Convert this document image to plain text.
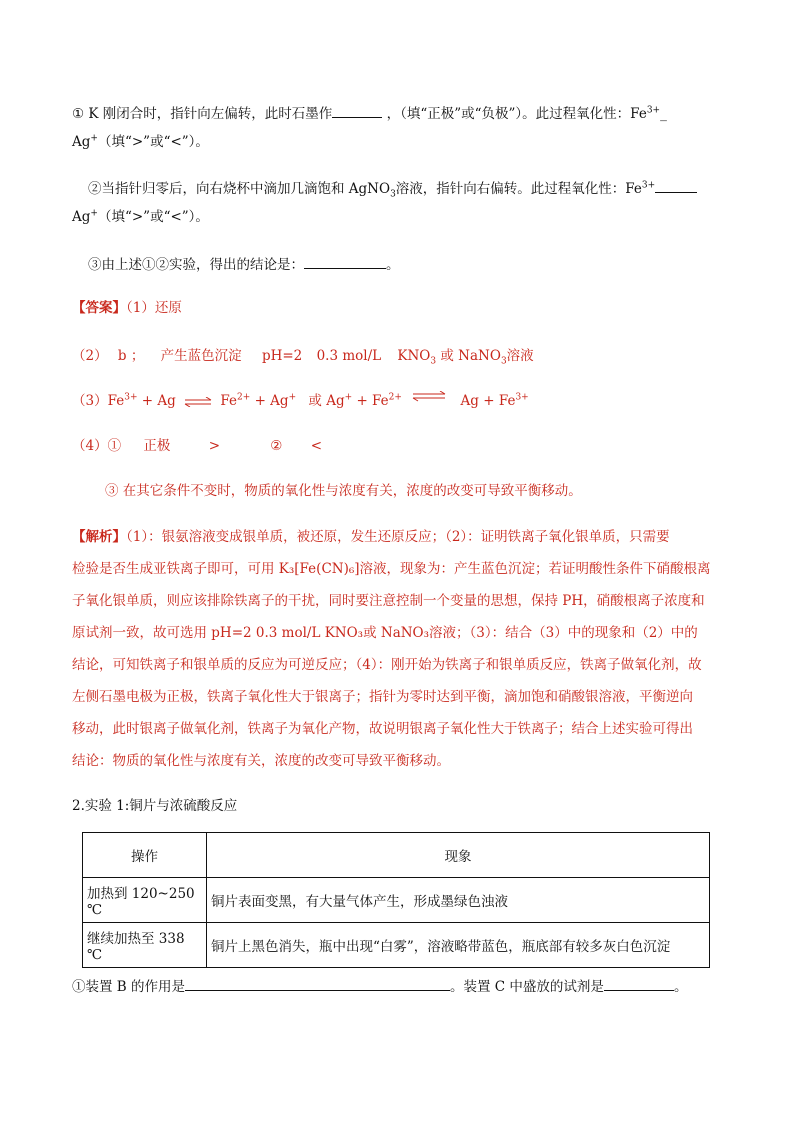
① K 刚闭合时，指针向左偏转，此时石墨作	，（填“正极”或“负极”）。此过程氧化性：$Fe^{3+}\_$
Ag+（填“>”或“<”）。
②当指针归零后，向右烧杯中滴加几滴饱和 AgNO$_3$溶液，指针向右偏转。此过程氧化性：$Fe^{3+}$
Ag+（填“>”或“<”）。
③由上述①②实验，得出的结论是：	。
【答案】（1）还原
（2） b ； 产生蓝色沉淀 pH=2 0.3 mol/L $KNO_3$ 或 NaNO$_3$溶液
$(3)Fe^{3+} + Ag$ ⇌ $Fe^{2+} + Ag^+$ 或 $Ag^+ + Fe^{2+}$ ⇌ $Ag + Fe^{3+}$
（4）① 正极	>	② <
③ 在其它条件不变时，物质的氧化性与浓度有关，浓度的改变可导致平衡移动。
【解析】（1）：银氨溶液变成银单质，被还原，发生还原反应；（2）：证明铁离子氧化银单质，只需要
检验是否生成亚铁离子即可，可用 K₃[Fe(CN)₆]溶液，现象为：产生蓝色沉淀；若证明酸性条件下硝酸根离
子氧化银单质，则应该排除铁离子的干扰，同时要注意控制一个变量的思想，保持 PH，硝酸根离子浓度和
原试剂一致，故可选用 pH=2 0.3 mol/L KNO₃或 NaNO₃溶液；（3）：结合（3）中的现象和（2）中的
结论，可知铁离子和银单质的反应为可逆反应；（4）：刚开始为铁离子和银单质反应，铁离子做氧化剂，故
左侧石墨电极为正极，铁离子氧化性大于银离子；指针为零时达到平衡，滴加饱和硝酸银溶液，平衡逆向
移动，此时银离子做氧化剂，铁离子为氧化产物，故说明银离子氧化性大于铁离子；结合上述实验可得出
结论：物质的氧化性与浓度有关，浓度的改变可导致平衡移动。
2.实验 1:铜片与浓硫酸反应
操作	现象
加热到 120~250 ℃	铜片表面变黑，有大量气体产生，形成墨绿色浊液
继续加热至 338 ℃	铜片上黑色消失，瓶中出现“白雾”，溶液略带蓝色，瓶底部有较多灰白色沉淀
①装置 B 的作用是	。装置 C 中盛放的试剂是	。
